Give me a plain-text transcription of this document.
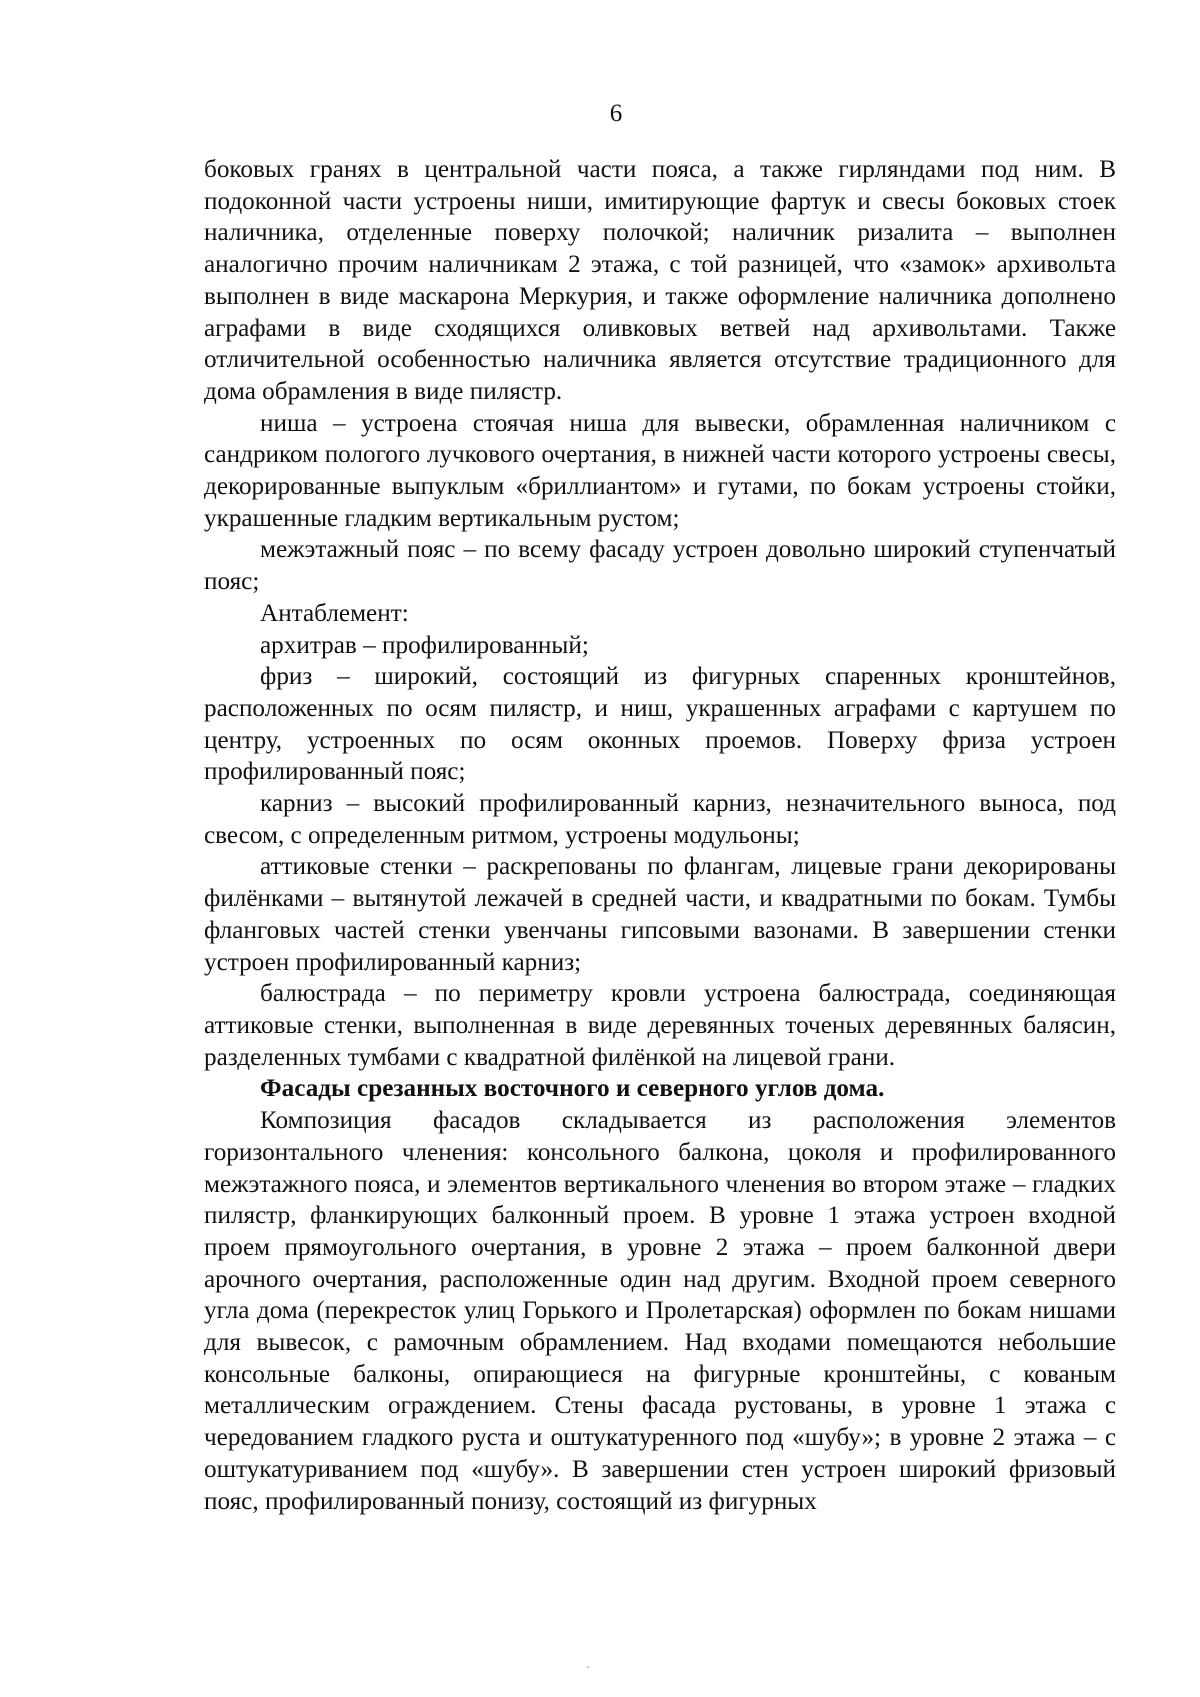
6

боковых гранях в центральной части пояса, а также гирляндами под ним. В подоконной части устроены ниши, имитирующие фартук и свесы боковых стоек наличника, отделенные поверху полочкой; наличник ризалита – выполнен аналогично прочим наличникам 2 этажа, с той разницей, что «замок» архивольта выполнен в виде маскарона Меркурия, и также оформление наличника дополнено аграфами в виде сходящихся оливковых ветвей над архивольтами. Также отличительной особенностью наличника является отсутствие традиционного для дома обрамления в виде пилястр.

ниша – устроена стоячая ниша для вывески, обрамленная наличником с сандриком пологого лучкового очертания, в нижней части которого устроены свесы, декорированные выпуклым «бриллиантом» и гутами, по бокам устроены стойки, украшенные гладким вертикальным рустом;

межэтажный пояс – по всему фасаду устроен довольно широкий ступенчатый пояс;

Антаблемент:

архитрав – профилированный;

фриз – широкий, состоящий из фигурных спаренных кронштейнов, расположенных по осям пилястр, и ниш, украшенных аграфами с картушем по центру, устроенных по осям оконных проемов. Поверху фриза устроен профилированный пояс;

карниз – высокий профилированный карниз, незначительного выноса, под свесом, с определенным ритмом, устроены модульоны;

аттиковые стенки – раскрепованы по флангам, лицевые грани декорированы филёнками – вытянутой лежачей в средней части, и квадратными по бокам. Тумбы фланговых частей стенки увенчаны гипсовыми вазонами. В завершении стенки устроен профилированный карниз;

балюстрада – по периметру кровли устроена балюстрада, соединяющая аттиковые стенки, выполненная в виде деревянных точеных деревянных балясин, разделенных тумбами с квадратной филёнкой на лицевой грани.

Фасады срезанных восточного и северного углов дома.

Композиция фасадов складывается из расположения элементов горизонтального членения: консольного балкона, цоколя и профилированного межэтажного пояса, и элементов вертикального членения во втором этаже – гладких пилястр, фланкирующих балконный проем. В уровне 1 этажа устроен входной проем прямоугольного очертания, в уровне 2 этажа – проем балконной двери арочного очертания, расположенные один над другим. Входной проем северного угла дома (перекресток улиц Горького и Пролетарская) оформлен по бокам нишами для вывесок, с рамочным обрамлением. Над входами помещаются небольшие консольные балконы, опирающиеся на фигурные кронштейны, с кованым металлическим ограждением. Стены фасада рустованы, в уровне 1 этажа с чередованием гладкого руста и оштукатуренного под «шубу»; в уровне 2 этажа – с оштукатуриванием под «шубу». В завершении стен устроен широкий фризовый пояс, профилированный понизу, состоящий из фигурных
